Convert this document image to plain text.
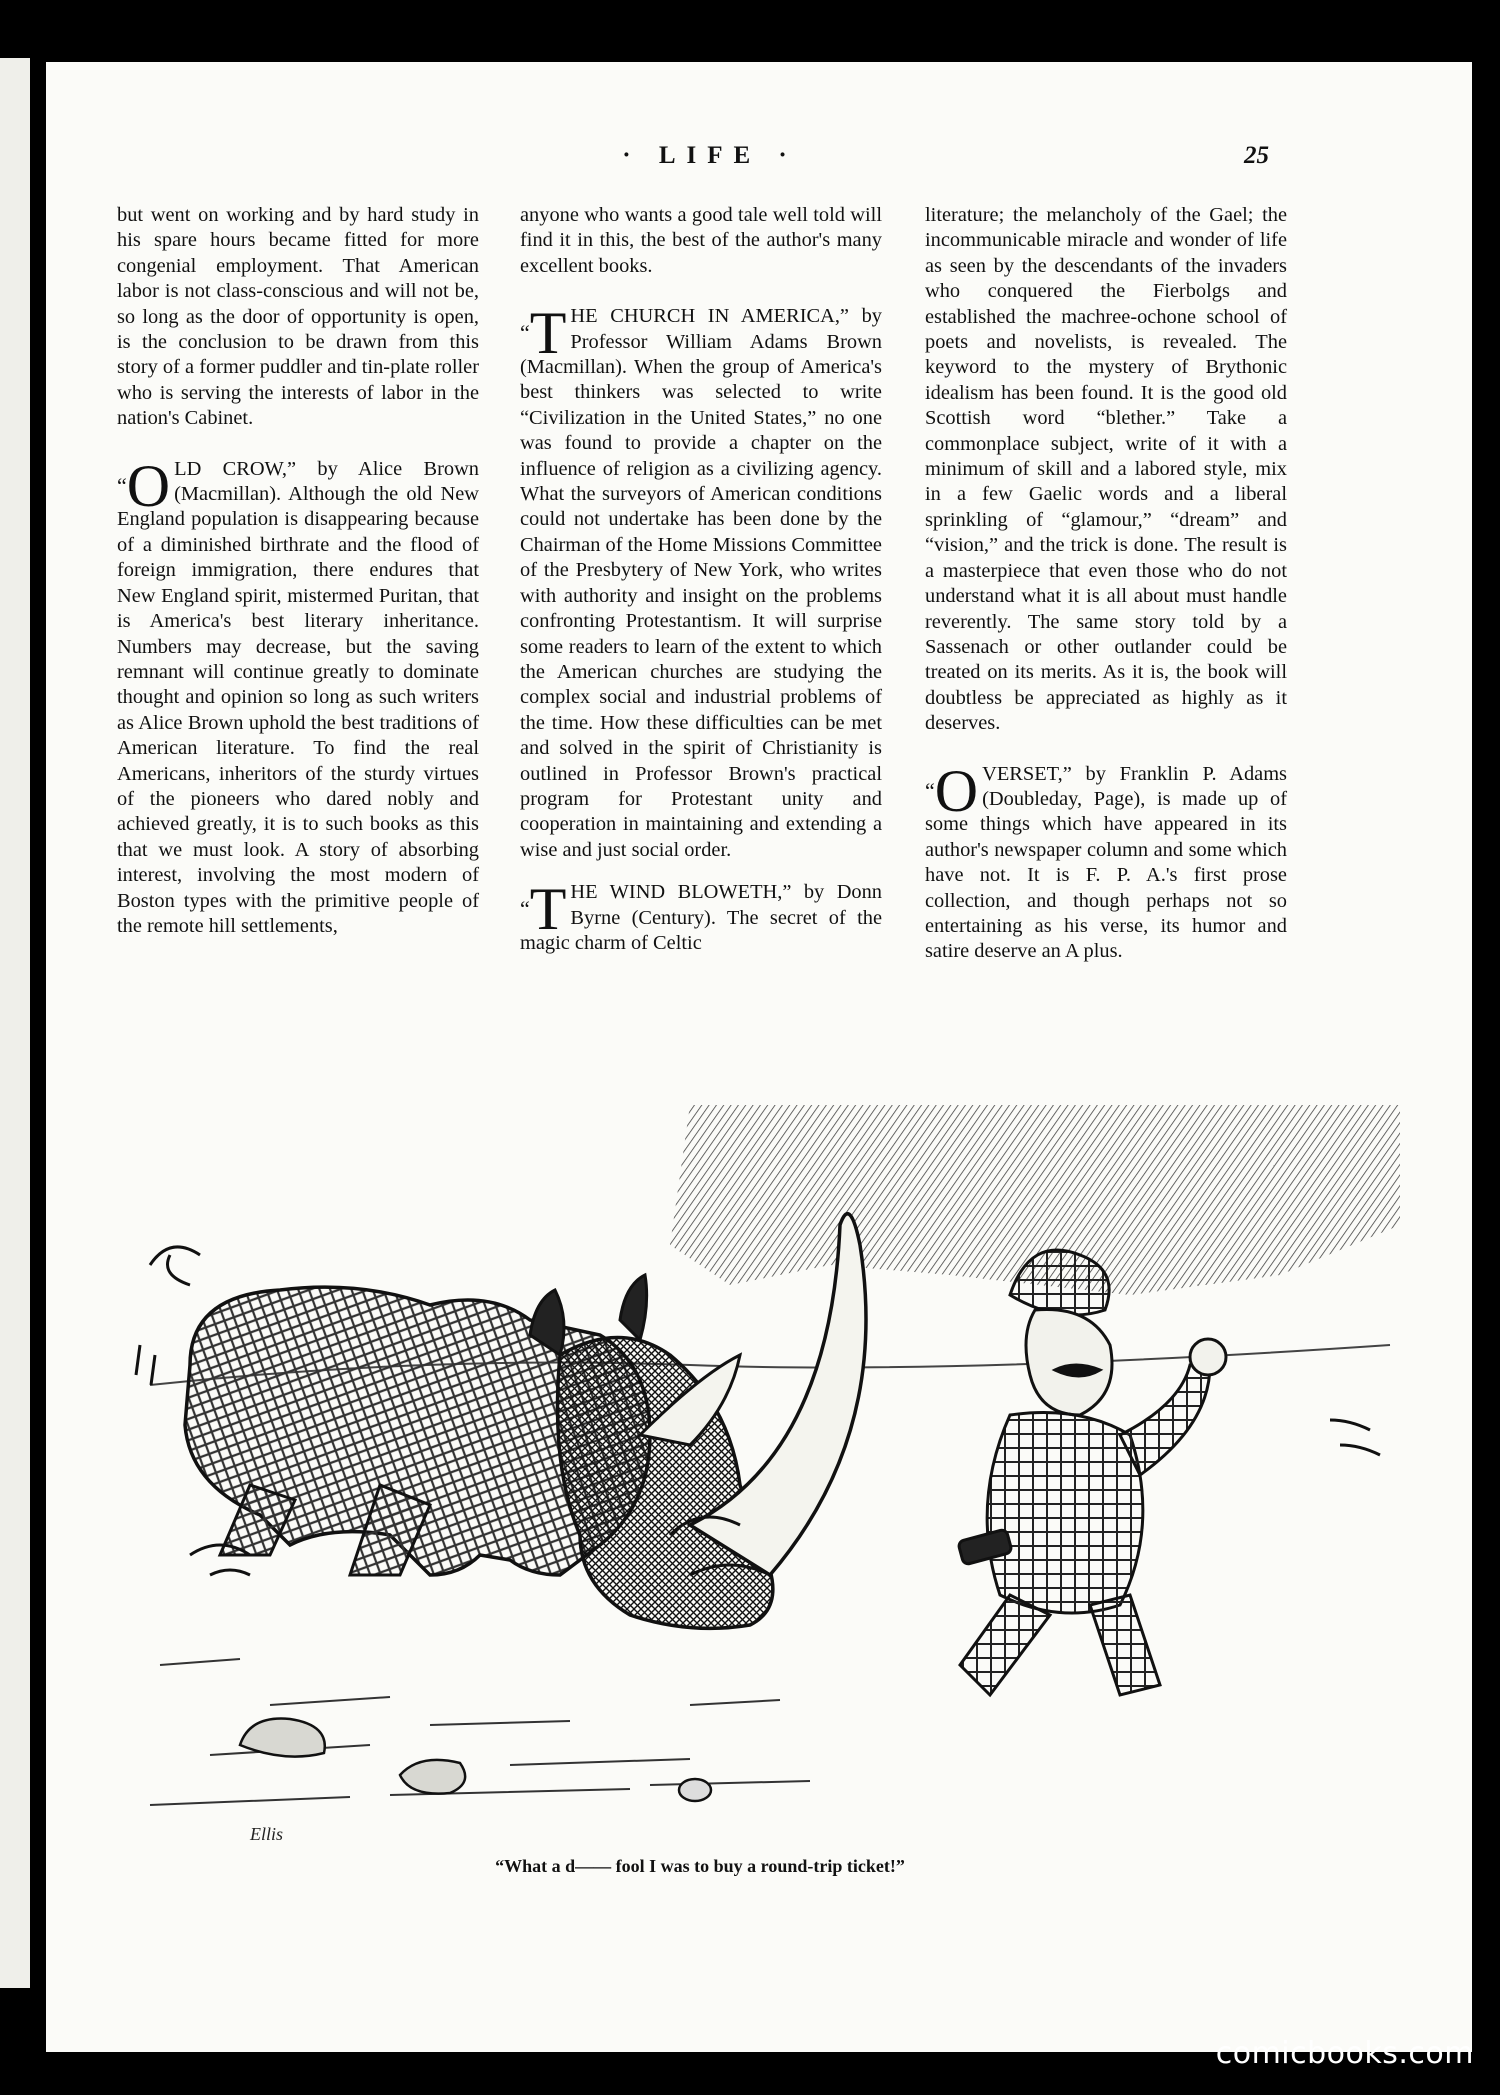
· LIFE ·	25

but went on working and by hard study in his spare hours became fitted for more congenial employment. That American labor is not class-conscious and will not be, so long as the door of opportunity is open, is the conclusion to be drawn from this story of a former puddler and tin-plate roller who is serving the interests of labor in the nation's Cabinet.

“O LD CROW,” by Alice Brown (Macmillan). Although the old New England population is disappearing because of a diminished birthrate and the flood of foreign immigration, there endures that New England spirit, mistermed Puritan, that is America's best literary inheritance. Numbers may decrease, but the saving remnant will continue greatly to dominate thought and opinion so long as such writers as Alice Brown uphold the best traditions of American literature. To find the real Americans, inheritors of the sturdy virtues of the pioneers who dared nobly and achieved greatly, it is to such books as this that we must look. A story of absorbing interest, involving the most modern of Boston types with the primitive people of the remote hill settlements,

anyone who wants a good tale well told will find it in this, the best of the author's many excellent books.

“T HE CHURCH IN AMERICA,” by Professor William Adams Brown (Macmillan). When the group of America's best thinkers was selected to write “Civilization in the United States,” no one was found to provide a chapter on the influence of religion as a civilizing agency. What the surveyors of American conditions could not undertake has been done by the Chairman of the Home Missions Committee of the Presbytery of New York, who writes with authority and insight on the problems confronting Protestantism. It will surprise some readers to learn of the extent to which the American churches are studying the complex social and industrial problems of the time. How these difficulties can be met and solved in the spirit of Christianity is outlined in Professor Brown's practical program for Protestant unity and cooperation in maintaining and extending a wise and just social order.

“T HE WIND BLOWETH,” by Donn Byrne (Century). The secret of the magic charm of Celtic

literature; the melancholy of the Gael; the incommunicable miracle and wonder of life as seen by the descendants of the invaders who conquered the Fierbolgs and established the machree-ochone school of poets and novelists, is revealed. The keyword to the mystery of Brythonic idealism has been found. It is the good old Scottish word “blether.” Take a commonplace subject, write of it with a minimum of skill and a labored style, mix in a few Gaelic words and a liberal sprinkling of “glamour,” “dream” and “vision,” and the trick is done. The result is a masterpiece that even those who do not understand what it is all about must handle reverently. The same story told by a Sassenach or other outlander could be treated on its merits. As it is, the book will doubtless be appreciated as highly as it deserves.

“O VERSET,” by Franklin P. Adams (Doubleday, Page), is made up of some things which have appeared in its author's newspaper column and some which have not. It is F. P. A.'s first prose collection, and though perhaps not so entertaining as his verse, its humor and satire deserve an A plus.

Ellis
“What a d—— fool I was to buy a round-trip ticket!”
comicbooks.com
